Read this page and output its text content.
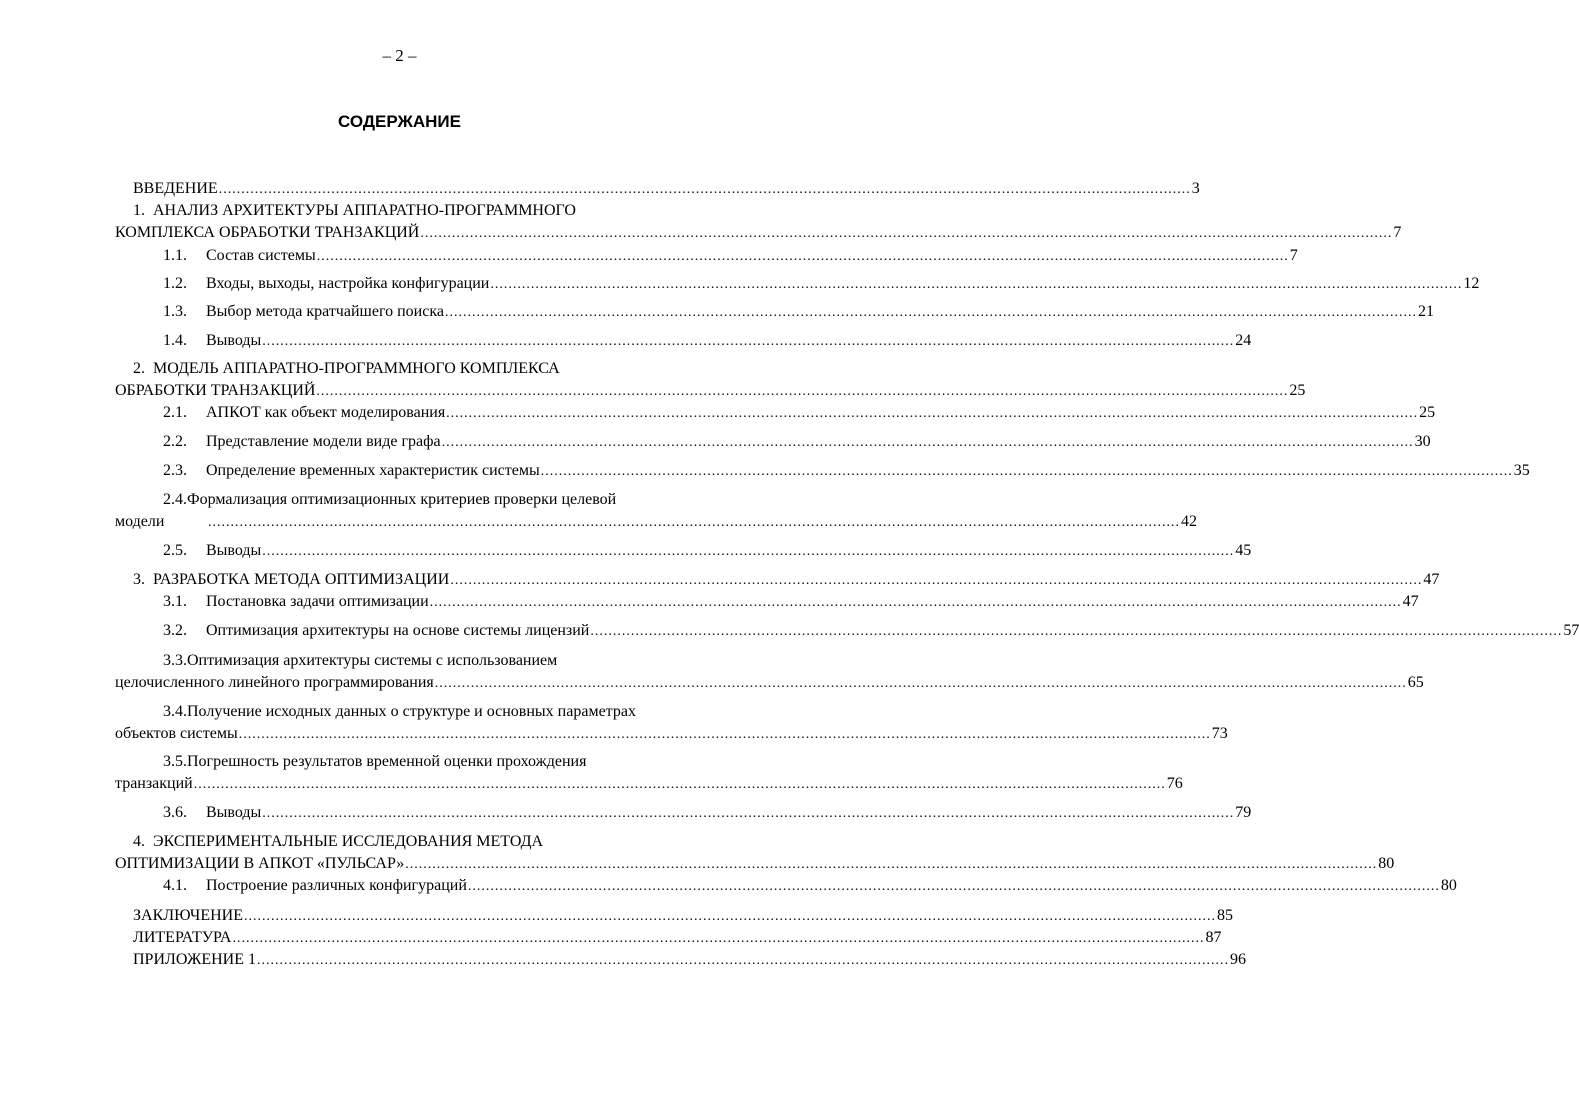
– 2 –
СОДЕРЖАНИЕ
ВВЕДЕНИЕ ........................................................................................................................................................................................................................ 3
1. АНАЛИЗ АРХИТЕКТУРЫ АППАРАТНО-ПРОГРАММНОГО
КОМПЛЕКСА ОБРАБОТКИ ТРАНЗАКЦИЙ ........................................................................................................................................................................................................................ 7
1.1. Состав системы ........................................................................................................................................................................................................................ 7
1.2. Входы, выходы, настройка конфигурации ........................................................................................................................................................................................................................ 12
1.3. Выбор метода кратчайшего поиска ........................................................................................................................................................................................................................ 21
1.4. Выводы ........................................................................................................................................................................................................................ 24
2. МОДЕЛЬ АППАРАТНО-ПРОГРАММНОГО КОМПЛЕКСА
ОБРАБОТКИ ТРАНЗАКЦИЙ ........................................................................................................................................................................................................................ 25
2.1. АПКОТ как объект моделирования ........................................................................................................................................................................................................................ 25
2.2. Представление модели виде графа ........................................................................................................................................................................................................................ 30
2.3. Определение временных характеристик системы ........................................................................................................................................................................................................................ 35
2.4.Формализация оптимизационных критериев проверки целевой
модели	........................................................................................................................................................................................................................ 42
2.5. Выводы ........................................................................................................................................................................................................................ 45
3. РАЗРАБОТКА МЕТОДА ОПТИМИЗАЦИИ ........................................................................................................................................................................................................................ 47
3.1. Постановка задачи оптимизации ........................................................................................................................................................................................................................ 47
3.2. Оптимизация архитектуры на основе системы лицензий ........................................................................................................................................................................................................................ 57
3.3.Оптимизация архитектуры системы с использованием
целочисленного линейного программирования ........................................................................................................................................................................................................................ 65
3.4.Получение исходных данных о структуре и основных параметрах
объектов системы ........................................................................................................................................................................................................................ 73
3.5.Погрешность результатов временной оценки прохождения
транзакций ........................................................................................................................................................................................................................ 76
3.6. Выводы ........................................................................................................................................................................................................................ 79
4. ЭКСПЕРИМЕНТАЛЬНЫЕ ИССЛЕДОВАНИЯ МЕТОДА
ОПТИМИЗАЦИИ В АПКОТ «ПУЛЬСАР» ........................................................................................................................................................................................................................ 80
4.1. Построение различных конфигураций ........................................................................................................................................................................................................................ 80
ЗАКЛЮЧЕНИЕ ........................................................................................................................................................................................................................ 85
ЛИТЕРАТУРА ........................................................................................................................................................................................................................ 87
ПРИЛОЖЕНИЕ 1 ........................................................................................................................................................................................................................ 96
